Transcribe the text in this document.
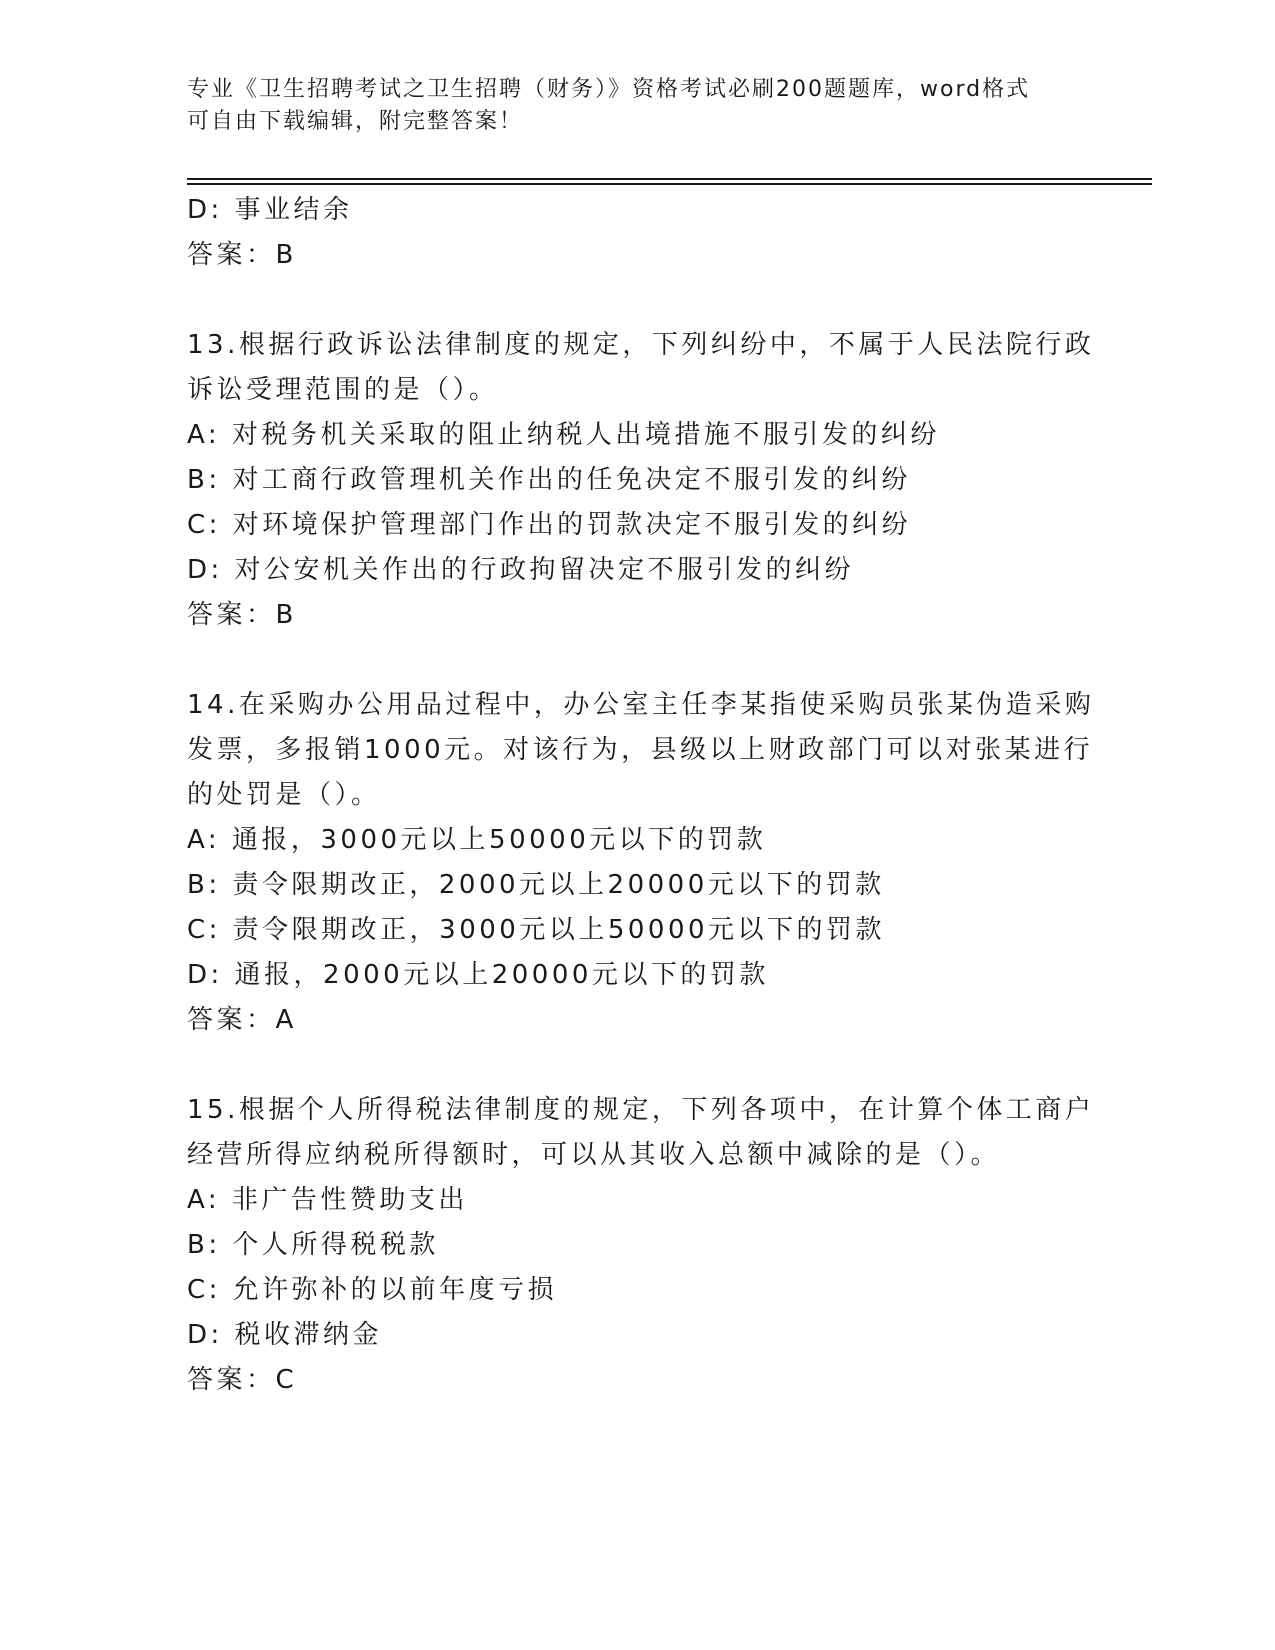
专业《卫生招聘考试之卫生招聘（财务）》资格考试必刷200题题库，word格式
可自由下载编辑，附完整答案！
D: 事业结余
答案：B
13.根据行政诉讼法律制度的规定，下列纠纷中，不属于人民法院行政
诉讼受理范围的是（）。
A: 对税务机关采取的阻止纳税人出境措施不服引发的纠纷
B: 对工商行政管理机关作出的任免决定不服引发的纠纷
C: 对环境保护管理部门作出的罚款决定不服引发的纠纷
D: 对公安机关作出的行政拘留决定不服引发的纠纷
答案：B
14.在采购办公用品过程中，办公室主任李某指使采购员张某伪造采购
发票，多报销1000元。对该行为，县级以上财政部门可以对张某进行
的处罚是（）。
A: 通报，3000元以上50000元以下的罚款
B: 责令限期改正，2000元以上20000元以下的罚款
C: 责令限期改正，3000元以上50000元以下的罚款
D: 通报，2000元以上20000元以下的罚款
答案：A
15.根据个人所得税法律制度的规定，下列各项中，在计算个体工商户
经营所得应纳税所得额时，可以从其收入总额中减除的是（）。
A: 非广告性赞助支出
B: 个人所得税税款
C: 允许弥补的以前年度亏损
D: 税收滞纳金
答案：C
